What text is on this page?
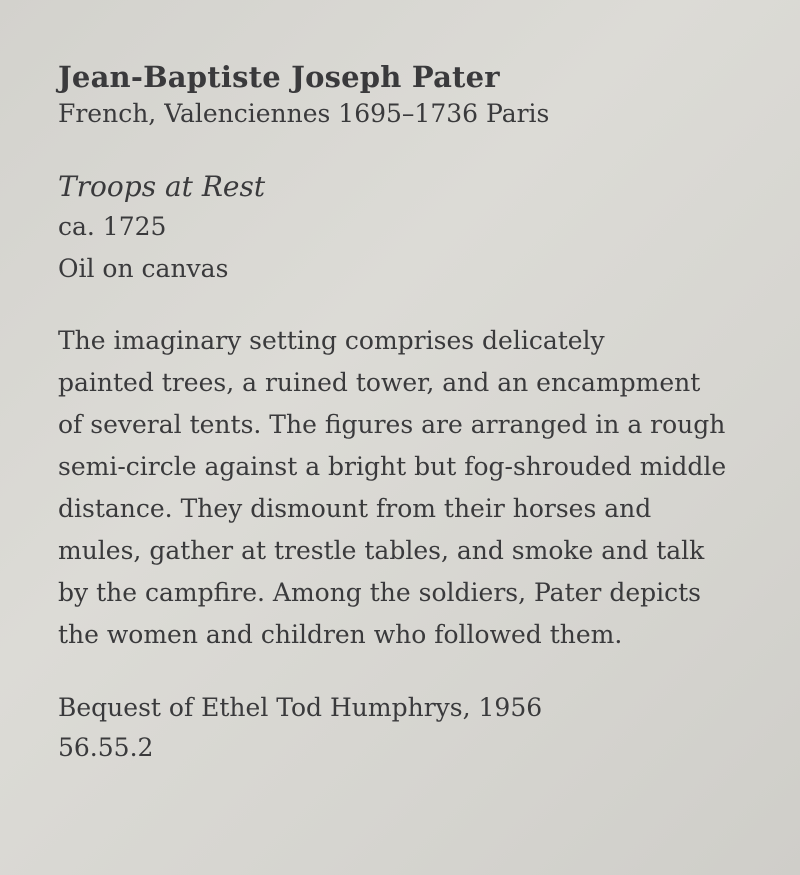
Jean-Baptiste Joseph Pater

French, Valenciennes 1695–1736 Paris

Troops at Rest

ca. 1725

Oil on canvas

The imaginary setting comprises delicately
painted trees, a ruined tower, and an encampment
of several tents. The figures are arranged in a rough
semi-circle against a bright but fog-shrouded middle
distance. They dismount from their horses and
mules, gather at trestle tables, and smoke and talk
by the campfire. Among the soldiers, Pater depicts
the women and children who followed them.
Bequest of Ethel Tod Humphrys, 1956
56.55.2
